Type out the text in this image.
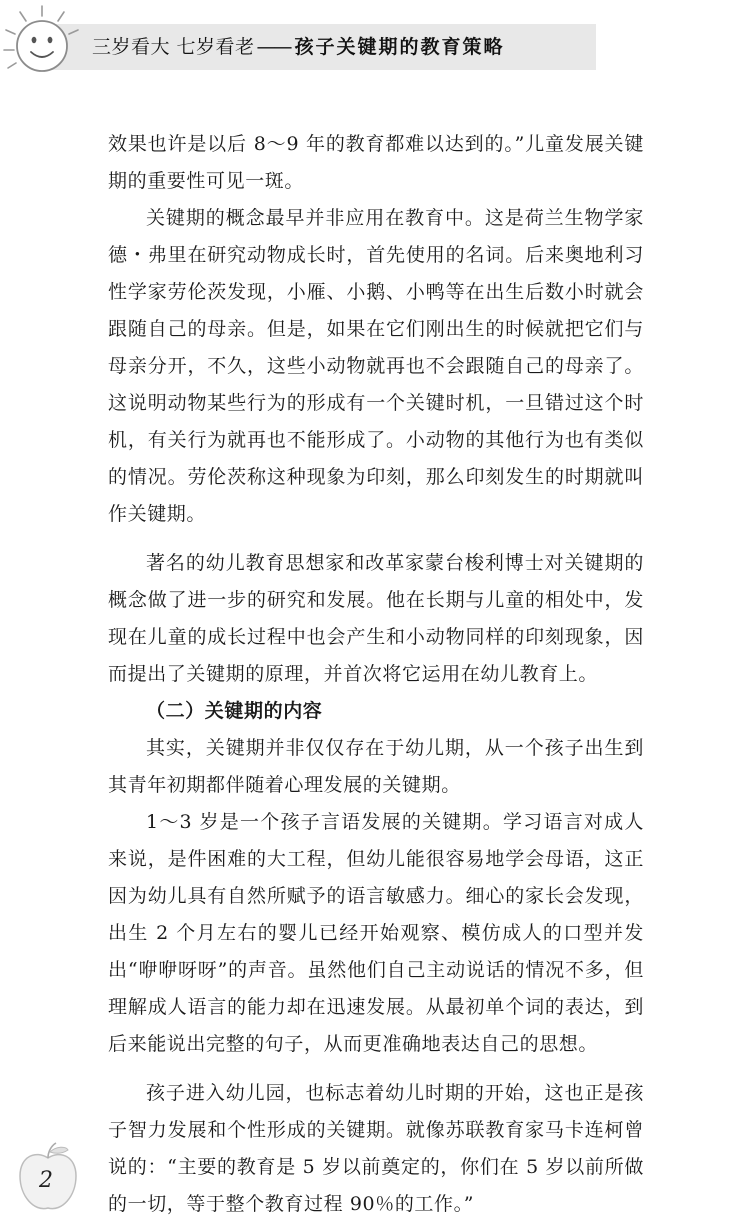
三岁看大 七岁看老 —— 孩子关键期的教育策略

效果也许是以后 8～9 年的教育都难以达到的。”儿童发展关键期的重要性可见一斑。

关键期的概念最早并非应用在教育中。这是荷兰生物学家德・弗里在研究动物成长时，首先使用的名词。后来奥地利习性学家劳伦茨发现，小雁、小鹅、小鸭等在出生后数小时就会跟随自己的母亲。但是，如果在它们刚出生的时候就把它们与母亲分开，不久，这些小动物就再也不会跟随自己的母亲了。这说明动物某些行为的形成有一个关键时机，一旦错过这个时机，有关行为就再也不能形成了。小动物的其他行为也有类似的情况。劳伦茨称这种现象为印刻，那么印刻发生的时期就叫作关键期。

著名的幼儿教育思想家和改革家蒙台梭利博士对关键期的概念做了进一步的研究和发展。他在长期与儿童的相处中，发现在儿童的成长过程中也会产生和小动物同样的印刻现象，因而提出了关键期的原理，并首次将它运用在幼儿教育上。

（二）关键期的内容

其实，关键期并非仅仅存在于幼儿期，从一个孩子出生到其青年初期都伴随着心理发展的关键期。

1～3 岁是一个孩子言语发展的关键期。学习语言对成人来说，是件困难的大工程，但幼儿能很容易地学会母语，这正因为幼儿具有自然所赋予的语言敏感力。细心的家长会发现，出生 2 个月左右的婴儿已经开始观察、模仿成人的口型并发出“咿咿呀呀”的声音。虽然他们自己主动说话的情况不多，但理解成人语言的能力却在迅速发展。从最初单个词的表达，到后来能说出完整的句子，从而更准确地表达自己的思想。

孩子进入幼儿园，也标志着幼儿时期的开始，这也正是孩子智力发展和个性形成的关键期。就像苏联教育家马卡连柯曾说的：“主要的教育是 5 岁以前奠定的，你们在 5 岁以前所做的一切，等于整个教育过程 90％的工作。”

2
